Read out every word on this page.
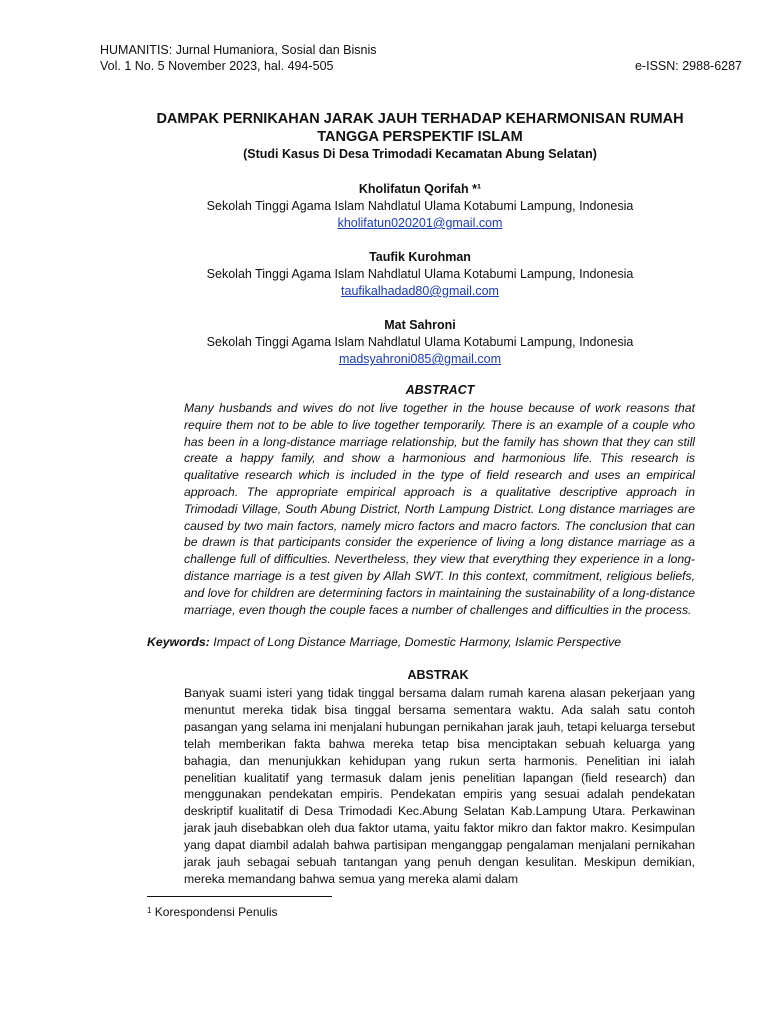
HUMANITIS: Jurnal Humaniora, Sosial dan Bisnis
Vol. 1 No. 5 November 2023, hal. 494-505	e-ISSN: 2988-6287

DAMPAK PERNIKAHAN JARAK JAUH TERHADAP KEHARMONISAN RUMAH

TANGGA PERSPEKTIF ISLAM

(Studi Kasus Di Desa Trimodadi Kecamatan Abung Selatan)

Kholifatun Qorifah *¹
Sekolah Tinggi Agama Islam Nahdlatul Ulama Kotabumi Lampung, Indonesia
kholifatun020201@gmail.com
Taufik Kurohman
Sekolah Tinggi Agama Islam Nahdlatul Ulama Kotabumi Lampung, Indonesia
taufikalhadad80@gmail.com
Mat Sahroni
Sekolah Tinggi Agama Islam Nahdlatul Ulama Kotabumi Lampung, Indonesia
madsyahroni085@gmail.com
ABSTRACT

Many husbands and wives do not live together in the house because of work reasons that require them not to be able to live together temporarily. There is an example of a couple who has been in a long-distance marriage relationship, but the family has shown that they can still create a happy family, and show a harmonious and harmonious life. This research is qualitative research which is included in the type of field research and uses an empirical approach. The appropriate empirical approach is a qualitative descriptive approach in Trimodadi Village, South Abung District, North Lampung District. Long distance marriages are caused by two main factors, namely micro factors and macro factors. The conclusion that can be drawn is that participants consider the experience of living a long distance marriage as a challenge full of difficulties. Nevertheless, they view that everything they experience in a long-distance marriage is a test given by Allah SWT. In this context, commitment, religious beliefs, and love for children are determining factors in maintaining the sustainability of a long-distance marriage, even though the couple faces a number of challenges and difficulties in the process.

Keywords: Impact of Long Distance Marriage, Domestic Harmony, Islamic Perspective
ABSTRAK

Banyak suami isteri yang tidak tinggal bersama dalam rumah karena alasan pekerjaan yang menuntut mereka tidak bisa tinggal bersama sementara waktu. Ada salah satu contoh pasangan yang selama ini menjalani hubungan pernikahan jarak jauh, tetapi keluarga tersebut telah memberikan fakta bahwa mereka tetap bisa menciptakan sebuah keluarga yang bahagia, dan menunjukkan kehidupan yang rukun serta harmonis. Penelitian ini ialah penelitian kualitatif yang termasuk dalam jenis penelitian lapangan (field research) dan menggunakan pendekatan empiris. Pendekatan empiris yang sesuai adalah pendekatan deskriptif kualitatif di Desa Trimodadi Kec.Abung Selatan Kab.Lampung Utara. Perkawinan jarak jauh disebabkan oleh dua faktor utama, yaitu faktor mikro dan faktor makro. Kesimpulan yang dapat diambil adalah bahwa partisipan menganggap pengalaman menjalani pernikahan jarak jauh sebagai sebuah tantangan yang penuh dengan kesulitan. Meskipun demikian, mereka memandang bahwa semua yang mereka alami dalam

$^1$ Korespondensi Penulis
